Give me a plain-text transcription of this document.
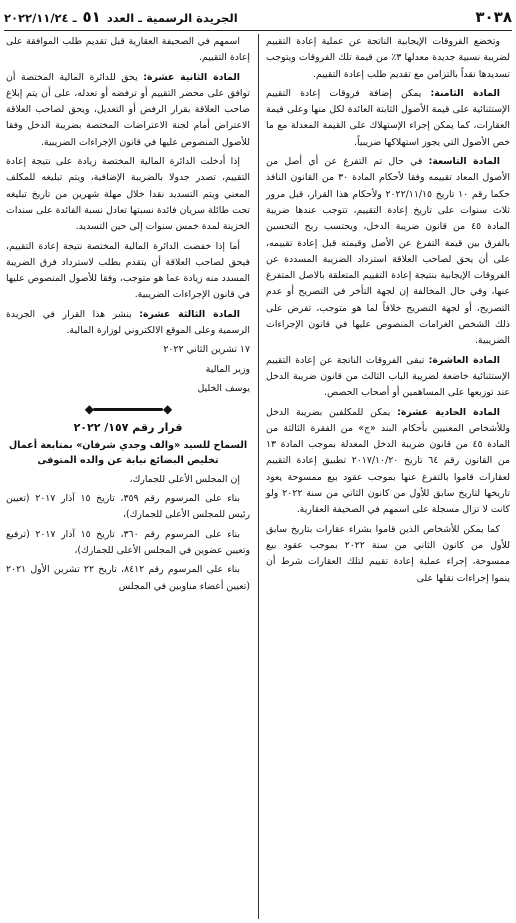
٣٠٣٨
الجريدة الرسمية ـ العدد ٥١ ـ ٢٠٢٢/١١/٢٤

وتخضع الفروقات الإيجابية الناتجة عن عملية إعادة التقييم لضريبة نسبية جديدة معدلها ٣٪ من قيمة تلك الفروقات ويتوجب تسديدها نقداً بالتزامن مع تقديم طلب إعادة التقييم.

المادة الثامنة: يمكن إضافة فروقات إعادة التقييم الإستثنائية على قيمة الأصول الثابتة العائدة لكل منها وعلى قيمة العقارات، كما يمكن إجراء الإستهلاك على القيمة المعدلة مع ما خص الأصول التي يجوز استهلاكها ضريبياً.

المادة التاسعة: في حال تم التفرغ عن أي أصل من الأصول المعاد تقييمه وفقا لأحكام المادة ٣٠ من القانون النافذ حكما رقم ١٠ تاريخ ٢٠٢٢/١١/١٥ ولأحكام هذا القرار، قبل مرور ثلاث سنوات على تاريخ إعادة التقييم، تتوجب عندها ضريبة المادة ٤٥ من قانون ضريبة الدخل، ويحتسب ربح التحسين بالفرق بين قيمة التفرغ عن الأصل وقيمته قبل إعادة تقييمه، على أن يحق لصاحب العلاقة استرداد الضريبة المسددة عن الفروقات الإيجابية بنتيجة إعادة التقييم المتعلقة بالاصل المتفرغ عنها، وفي حال المخالفة إن لجهة التأخر في التصريح أو عدم التصريح، أو لجهة التصريح خلافاً لما هو متوجب، تفرض على ذلك الشخص الغرامات المنصوص عليها في قانون الإجراءات الضريبية.

المادة العاشرة: تبقى الفروقات الناتجة عن إعادة التقييم الإستثنائية خاضعة لضريبة الباب الثالث من قانون ضريبة الدخل عند توزيعها على المساهمين أو أصحاب الحصص.

المادة الحادية عشرة: يمكن للمكلفين بضريبة الدخل وللأشخاص المعنيين بأحكام البند «ج» من الفقرة الثالثة من المادة ٤٥ من قانون ضريبة الدخل المعدلة بموجب المادة ١٣ من القانون رقم ٦٤ تاريخ ٢٠١٧/١٠/٢٠ تطبيق إعادة التقييم لعقارات قاموا بالتفرغ عنها بموجب عقود بيع ممسوحة يعود تاريخها لتاريخ سابق للأول من كانون الثاني من سنة ٢٠٢٢ ولو كانت لا تزال مسجلة على اسمهم في الصحيفة العقارية.

كما يمكن للأشخاص الذين قاموا بشراء عقارات بتاريخ سابق للأول من كانون الثاني من سنة ٢٠٢٢ بموجب عقود بيع ممسوحة، إجراء عملية إعادة تقييم لتلك العقارات شرط أن ينموا إجراءات نقلها على

اسمهم في الصحيفة العقارية قبل تقديم طلب الموافقة على إعادة التقييم.

المادة الثانية عشرة: يحق للدائرة المالية المختصة أن توافق على محضر التقييم أو ترفضه أو تعدله، على أن يتم إبلاغ صاحب العلاقة بقرار الرفض أو التعديل، ويحق لصاحب العلاقة الاعتراض أمام لجنة الاعتراضات المختصة بضريبة الدخل وفقا للأصول المنصوص عليها في قانون الإجراءات الضريبية.

إذا أدخلت الدائرة المالية المختصة زيادة على نتيجة إعادة التقييم، تصدر جدولا بالضريبة الإضافية، ويتم تبليغه للمكلف المعني ويتم التسديد نقدا خلال مهلة شهرين من تاريخ تبليغه تحت طائلة سريان فائدة نسبتها تعادل نسبة الفائدة على سندات الخزينة لمدة خمس سنوات إلى حين التسديد.

أما إذا خفضت الدائرة المالية المختصة نتيجة إعادة التقييم، فيحق لصاحب العلاقة أن يتقدم بطلب لاسترداد فرق الضريبة المسدد منه زيادة عما هو متوجب، وفقا للأصول المنصوص عليها في قانون الإجراءات الضريبية.

المادة الثالثة عشرة: ينشر هذا القرار في الجريدة الرسمية وعلى الموقع الالكتروني لوزارة المالية.

١٧ تشرين الثاني ٢٠٢٢

وزير المالية

يوسف الخليل

◆◆
قرار رقم ١٥٧/ ٢٠٢٢
السماح للسيد «والف وجدي شرفان» بمتابعة أعمال تخليص البضائع نيابة عن والده المتوفى

إن المجلس الأعلى للجمارك،

بناء على المرسوم رقم ٣٥٩، تاريخ ١٥ آذار ٢٠١٧ (تعيين رئيس للمجلس الأعلى للجمارك)،

بناء على المرسوم رقم ٣٦٠، تاريخ ١٥ آذار ٢٠١٧ (ترفيع وتعيين عضوين في المجلس الأعلى للجمارك)،

بناء على المرسوم رقم ٨٤١٢، تاريخ ٢٢ تشرين الأول ٢٠٢١ (تعيين أعضاء مناوبين في المجلس
